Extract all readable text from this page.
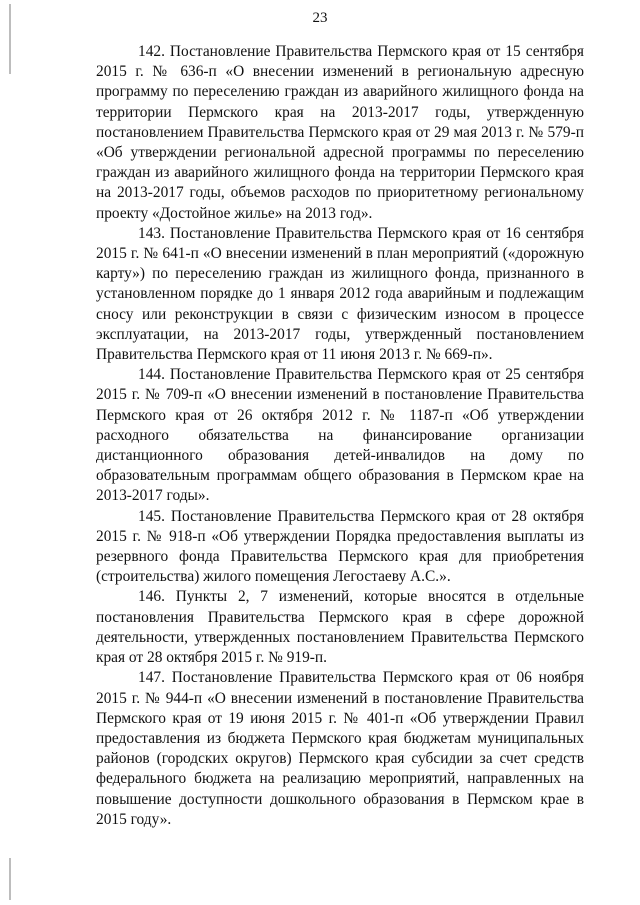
23

142. Постановление Правительства Пермского края от 15 сентября 2015 г. № 636-п «О внесении изменений в региональную адресную программу по переселению граждан из аварийного жилищного фонда на территории Пермского края на 2013-2017 годы, утвержденную постановлением Правительства Пермского края от 29 мая 2013 г. № 579-п «Об утверждении региональной адресной программы по переселению граждан из аварийного жилищного фонда на территории Пермского края на 2013-2017 годы, объемов расходов по приоритетному региональному проекту «Достойное жилье» на 2013 год».

143. Постановление Правительства Пермского края от 16 сентября 2015 г. № 641-п «О внесении изменений в план мероприятий («дорожную карту») по переселению граждан из жилищного фонда, признанного в установленном порядке до 1 января 2012 года аварийным и подлежащим сносу или реконструкции в связи с физическим износом в процессе эксплуатации, на 2013-2017 годы, утвержденный постановлением Правительства Пермского края от 11 июня 2013 г. № 669-п».

144. Постановление Правительства Пермского края от 25 сентября 2015 г. № 709-п «О внесении изменений в постановление Правительства Пермского края от 26 октября 2012 г. № 1187-п «Об утверждении расходного обязательства на финансирование организации дистанционного образования детей-инвалидов на дому по образовательным программам общего образования в Пермском крае на 2013-2017 годы».

145. Постановление Правительства Пермского края от 28 октября 2015 г. № 918-п «Об утверждении Порядка предоставления выплаты из резервного фонда Правительства Пермского края для приобретения (строительства) жилого помещения Легостаеву А.С.».

146. Пункты 2, 7 изменений, которые вносятся в отдельные постановления Правительства Пермского края в сфере дорожной деятельности, утвержденных постановлением Правительства Пермского края от 28 октября 2015 г. № 919-п.

147. Постановление Правительства Пермского края от 06 ноября 2015 г. № 944-п «О внесении изменений в постановление Правительства Пермского края от 19 июня 2015 г. № 401-п «Об утверждении Правил предоставления из бюджета Пермского края бюджетам муниципальных районов (городских округов) Пермского края субсидии за счет средств федерального бюджета на реализацию мероприятий, направленных на повышение доступности дошкольного образования в Пермском крае в 2015 году».
